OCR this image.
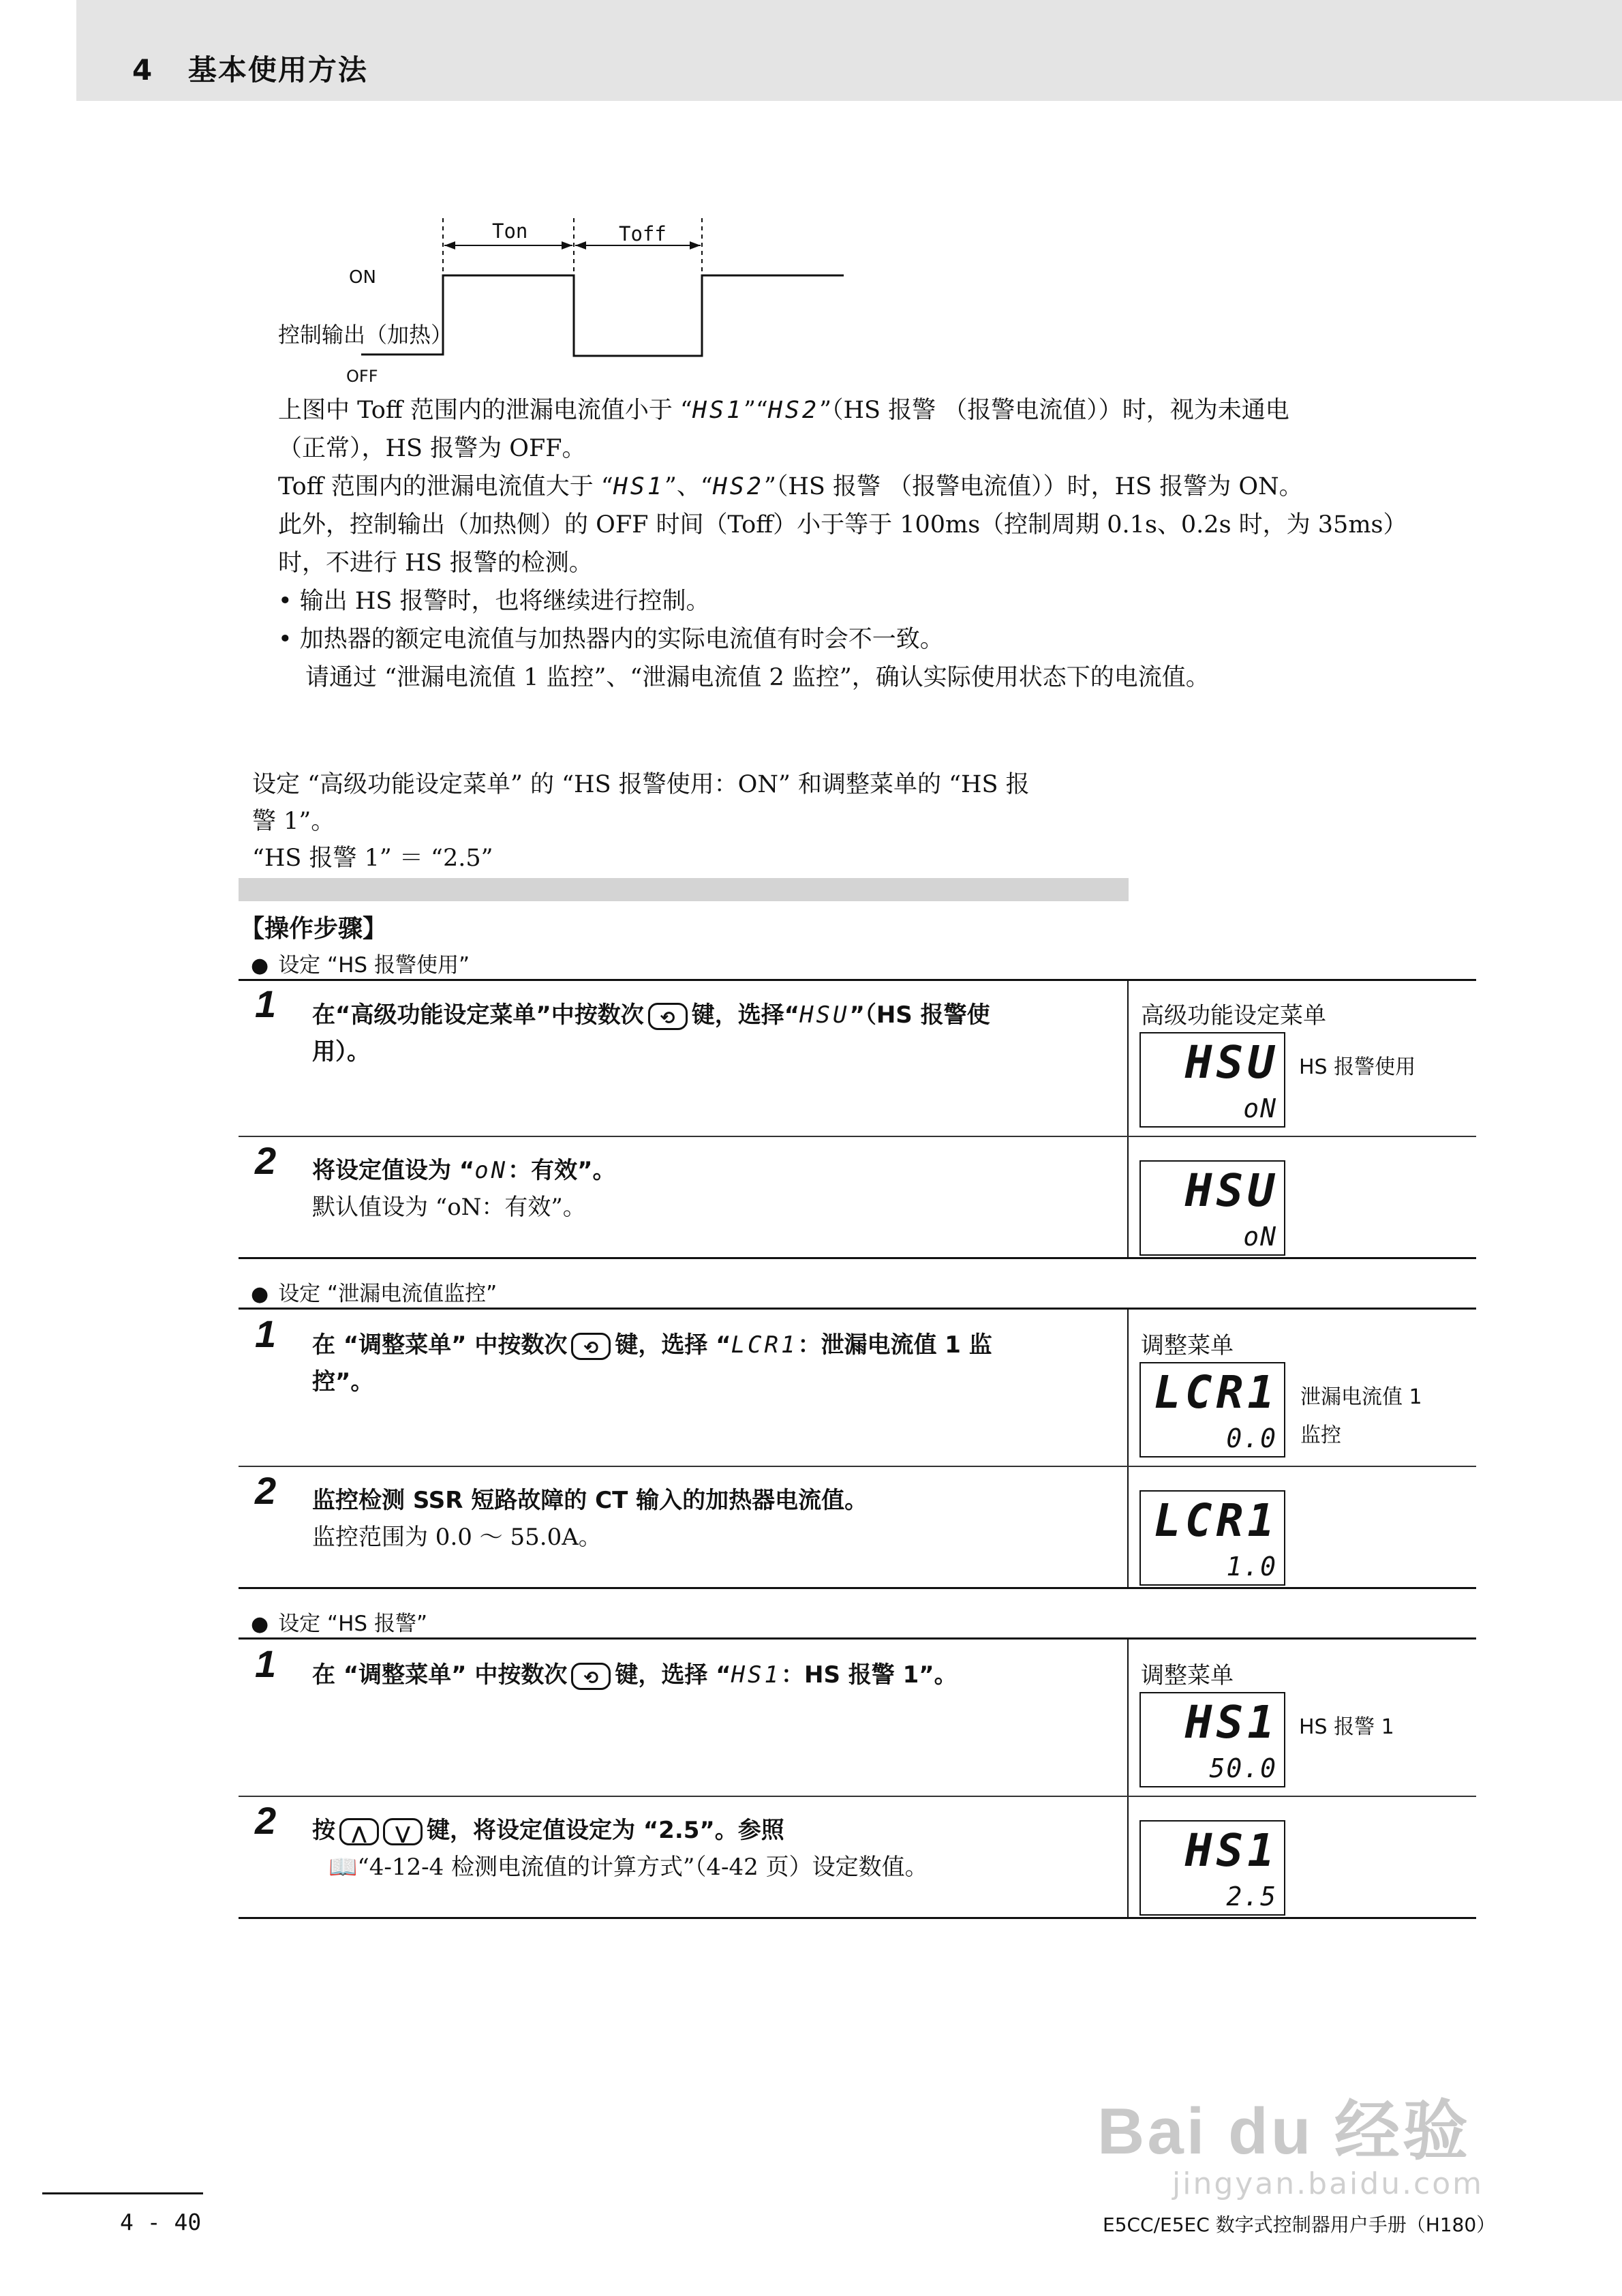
4 基本使用方法
Ton	Toff
ON
控制输出（加热）
OFF

上图中 Toff 范围内的泄漏电流值小于 “HS1”“HS2”（HS 报警 （报警电流值））时，视为未通电

（正常），HS 报警为 OFF。

Toff 范围内的泄漏电流值大于 “HS1”、“HS2”（HS 报警 （报警电流值））时，HS 报警为 ON。

此外，控制输出（加热侧）的 OFF 时间（Toff）小于等于 100ms（控制周期 0.1s、0.2s 时，为 35ms）

时，不进行 HS 报警的检测。

• 输出 HS 报警时，也将继续进行控制。

• 加热器的额定电流值与加热器内的实际电流值有时会不一致。

请通过 “泄漏电流值 1 监控”、“泄漏电流值 2 监控”，确认实际使用状态下的电流值。

设定 “高级功能设定菜单” 的 “HS 报警使用：ON” 和调整菜单的 “HS 报

警 1”。

“HS 报警 1” ＝ “2.5”

【操作步骤】
● 设定 “HS 报警使用”
1 在“高级功能设定菜单”中按数次 ⟲ 键，选择“HSU”（HS 报警使
用）。
高级功能设定菜单
HSU
oN
HS 报警使用
2 将设定值设为 “oN：有效”。
默认值设为 “oN：有效”。	HSU
oN
● 设定 “泄漏电流值监控”
1 在 “调整菜单” 中按数次 ⟲ 键，选择 “LCR1：泄漏电流值 1 监
控”。
调整菜单
LCR1
0.0
泄漏电流值 1
监控
2 监控检测 SSR 短路故障的 CT 输入的加热器电流值。
监控范围为 0.0 ～ 55.0A。	LCR1
1.0
● 设定 “HS 报警”
1 在 “调整菜单” 中按数次 ⟲ 键，选择 “HS1：HS 报警 1”。	调整菜单
HS1
50.0
HS 报警 1
2 按 ⋀ ⋁ 键，将设定值设定为 “2.5”。参照
📖“4-12-4 检测电流值的计算方式”（4-42 页）设定数值。	HS1
2.5
Bai du 经验
jingyan.baidu.com
4 - 40	E5CC/E5EC 数字式控制器用户手册（H180）
